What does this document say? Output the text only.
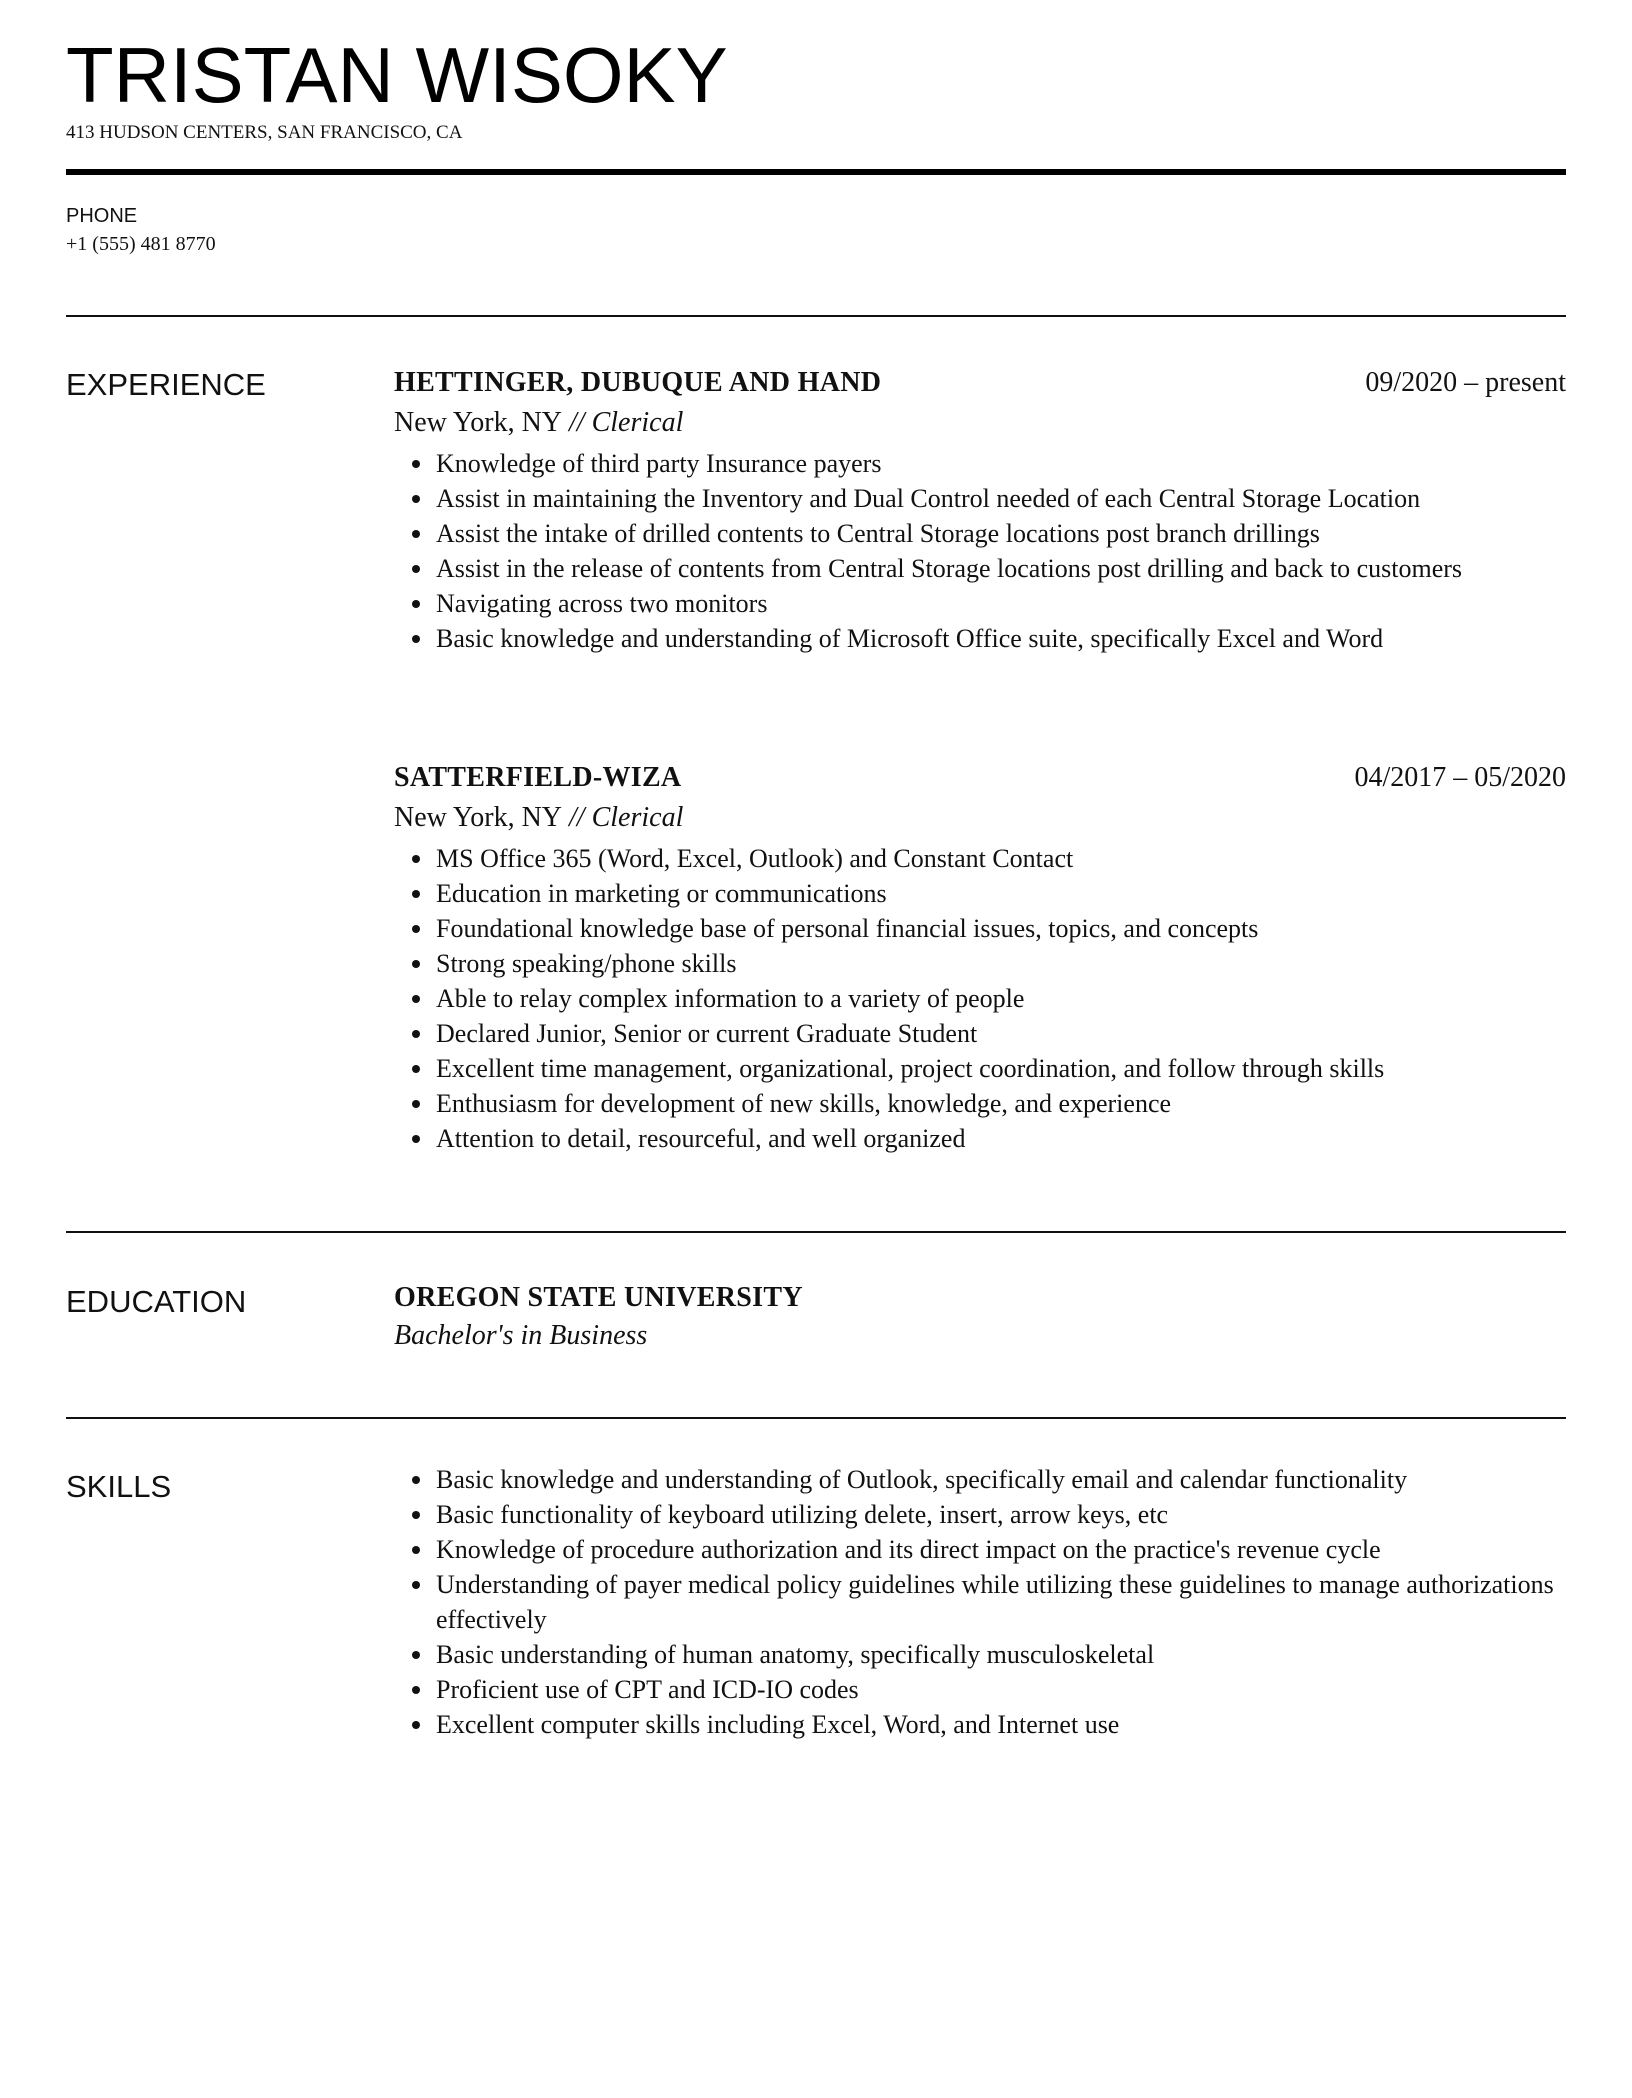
TRISTAN WISOKY
413 HUDSON CENTERS, SAN FRANCISCO, CA
PHONE
+1 (555) 481 8770
EXPERIENCE	HETTINGER, DUBUQUE AND HAND	09/2020 – present
New York, NY // Clerical
Knowledge of third party Insurance payers
Assist in maintaining the Inventory and Dual Control needed of each Central Storage Location
Assist the intake of drilled contents to Central Storage locations post branch drillings
Assist in the release of contents from Central Storage locations post drilling and back to customers
Navigating across two monitors
Basic knowledge and understanding of Microsoft Office suite, specifically Excel and Word
SATTERFIELD-WIZA	04/2017 – 05/2020
New York, NY // Clerical
MS Office 365 (Word, Excel, Outlook) and Constant Contact
Education in marketing or communications
Foundational knowledge base of personal financial issues, topics, and concepts
Strong speaking/phone skills
Able to relay complex information to a variety of people
Declared Junior, Senior or current Graduate Student
Excellent time management, organizational, project coordination, and follow through skills
Enthusiasm for development of new skills, knowledge, and experience
Attention to detail, resourceful, and well organized
EDUCATION	OREGON STATE UNIVERSITY
Bachelor's in Business
SKILLS	Basic knowledge and understanding of Outlook, specifically email and calendar functionality
Basic functionality of keyboard utilizing delete, insert, arrow keys, etc
Knowledge of procedure authorization and its direct impact on the practice's revenue cycle
Understanding of payer medical policy guidelines while utilizing these guidelines to manage authorizations effectively
Basic understanding of human anatomy, specifically musculoskeletal
Proficient use of CPT and ICD-IO codes
Excellent computer skills including Excel, Word, and Internet use
